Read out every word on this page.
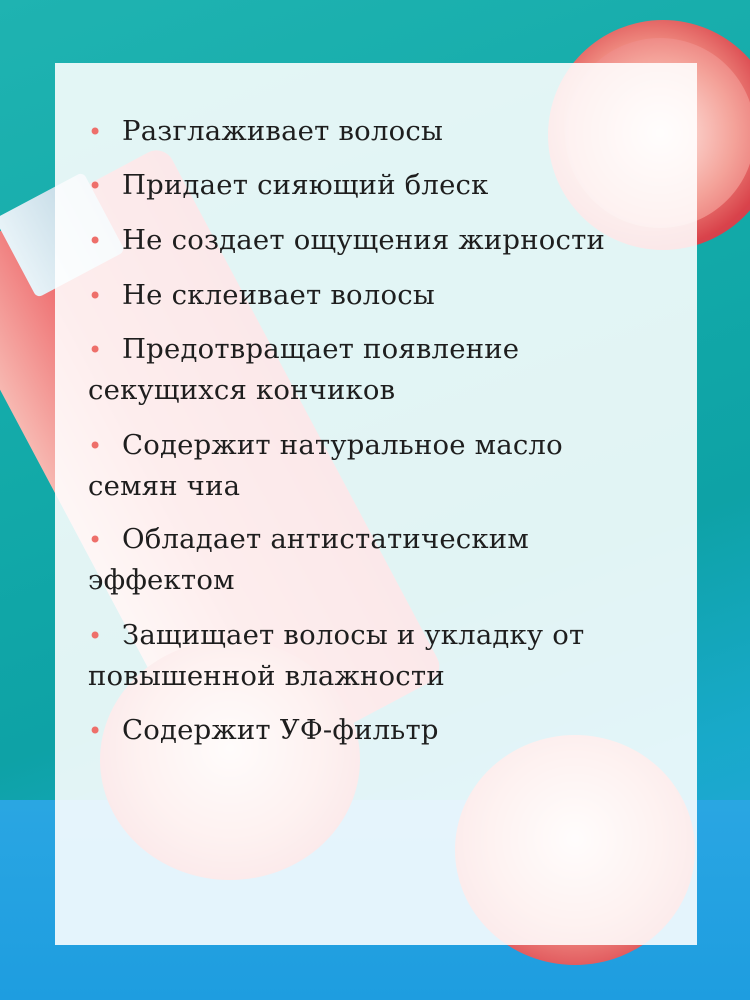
• Разглаживает волосы
• Придает сияющий блеск
• Не создает ощущения жирности
• Не склеивает волосы
• Предотвращает появление
секущихся кончиков
• Содержит натуральное масло
семян чиа
• Обладает антистатическим
эффектом
• Защищает волосы и укладку от
повышенной влажности
• Содержит УФ-фильтр
